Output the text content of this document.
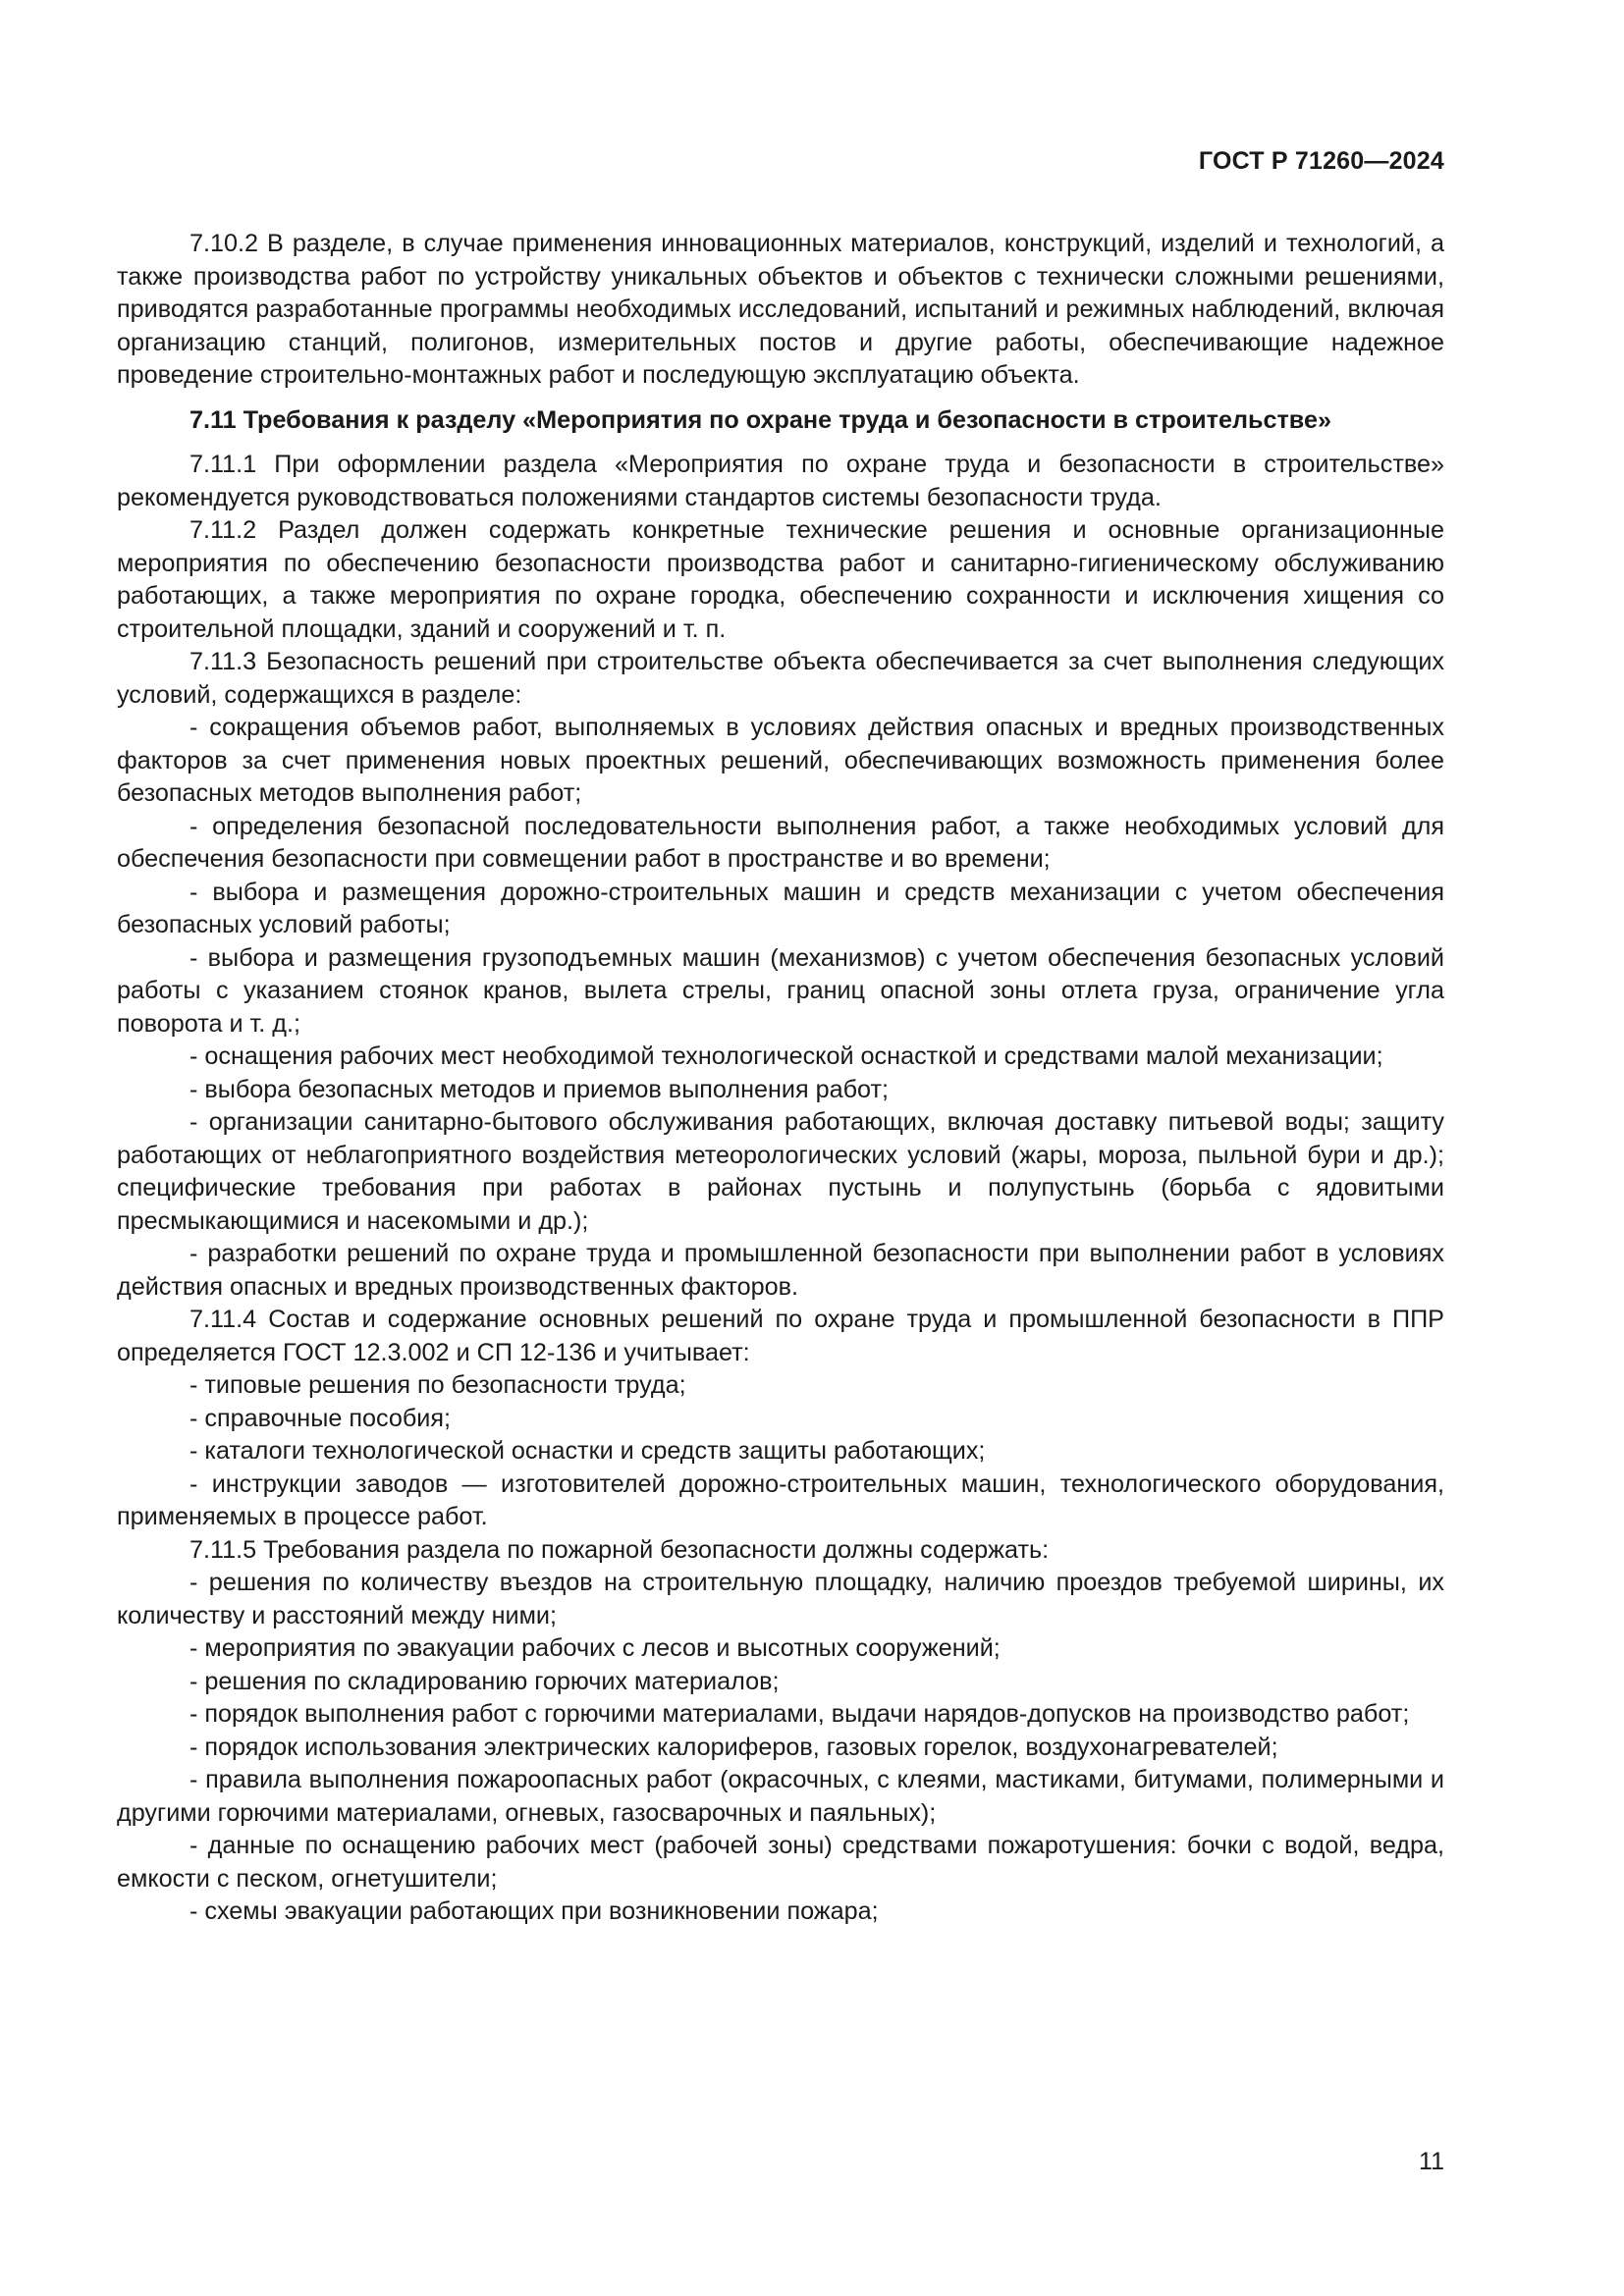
ГОСТ Р 71260—2024

7.10.2 В разделе, в случае применения инновационных материалов, конструкций, изделий и технологий, а также производства работ по устройству уникальных объектов и объектов с технически сложными решениями, приводятся разработанные программы необходимых исследований, испытаний и режимных наблюдений, включая организацию станций, полигонов, измерительных постов и другие работы, обеспечивающие надежное проведение строительно-монтажных работ и последующую эксплуатацию объекта.

7.11 Требования к разделу «Мероприятия по охране труда и безопасности в строительстве»

7.11.1 При оформлении раздела «Мероприятия по охране труда и безопасности в строительстве» рекомендуется руководствоваться положениями стандартов системы безопасности труда.

7.11.2 Раздел должен содержать конкретные технические решения и основные организационные мероприятия по обеспечению безопасности производства работ и санитарно-гигиеническому обслуживанию работающих, а также мероприятия по охране городка, обеспечению сохранности и исключения хищения со строительной площадки, зданий и сооружений и т. п.

7.11.3 Безопасность решений при строительстве объекта обеспечивается за счет выполнения следующих условий, содержащихся в разделе:

- сокращения объемов работ, выполняемых в условиях действия опасных и вредных производственных факторов за счет применения новых проектных решений, обеспечивающих возможность применения более безопасных методов выполнения работ;

- определения безопасной последовательности выполнения работ, а также необходимых условий для обеспечения безопасности при совмещении работ в пространстве и во времени;

- выбора и размещения дорожно-строительных машин и средств механизации с учетом обеспечения безопасных условий работы;

- выбора и размещения грузоподъемных машин (механизмов) с учетом обеспечения безопасных условий работы с указанием стоянок кранов, вылета стрелы, границ опасной зоны отлета груза, ограничение угла поворота и т. д.;

- оснащения рабочих мест необходимой технологической оснасткой и средствами малой механизации;

- выбора безопасных методов и приемов выполнения работ;

- организации санитарно-бытового обслуживания работающих, включая доставку питьевой воды; защиту работающих от неблагоприятного воздействия метеорологических условий (жары, мороза, пыльной бури и др.); специфические требования при работах в районах пустынь и полупустынь (борьба с ядовитыми пресмыкающимися и насекомыми и др.);

- разработки решений по охране труда и промышленной безопасности при выполнении работ в условиях действия опасных и вредных производственных факторов.

7.11.4 Состав и содержание основных решений по охране труда и промышленной безопасности в ППР определяется ГОСТ 12.3.002 и СП 12-136 и учитывает:

- типовые решения по безопасности труда;

- справочные пособия;

- каталоги технологической оснастки и средств защиты работающих;

- инструкции заводов — изготовителей дорожно-строительных машин, технологического оборудования, применяемых в процессе работ.

7.11.5 Требования раздела по пожарной безопасности должны содержать:

- решения по количеству въездов на строительную площадку, наличию проездов требуемой ширины, их количеству и расстояний между ними;

- мероприятия по эвакуации рабочих с лесов и высотных сооружений;

- решения по складированию горючих материалов;

- порядок выполнения работ с горючими материалами, выдачи нарядов-допусков на производство работ;

- порядок использования электрических калориферов, газовых горелок, воздухонагревателей;

- правила выполнения пожароопасных работ (окрасочных, с клеями, мастиками, битумами, полимерными и другими горючими материалами, огневых, газосварочных и паяльных);

- данные по оснащению рабочих мест (рабочей зоны) средствами пожаротушения: бочки с водой, ведра, емкости с песком, огнетушители;

- схемы эвакуации работающих при возникновении пожара;

11
